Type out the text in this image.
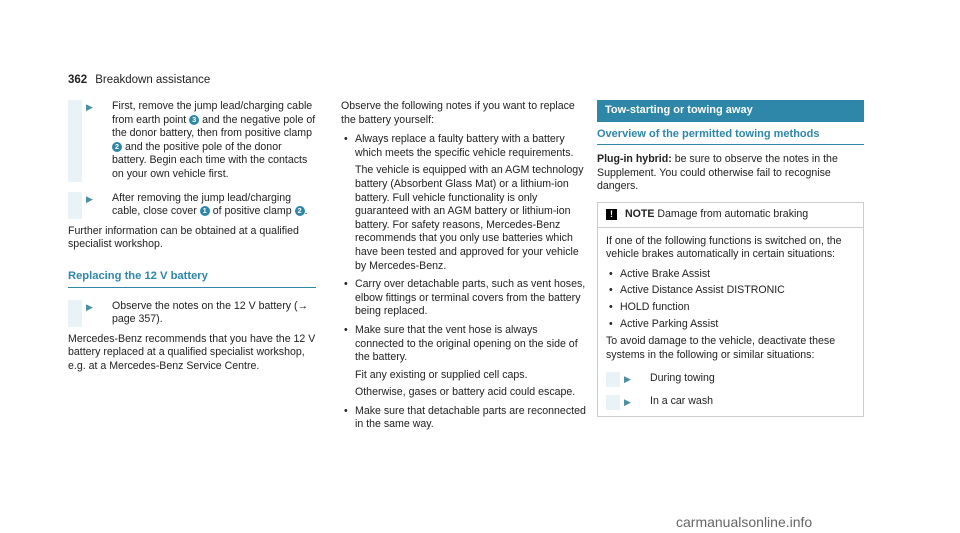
362 Breakdown assistance
▶	First, remove the jump lead/charging cable from earth point 3 and the negative pole of the donor battery, then from positive clamp 2 and the positive pole of the donor battery. Begin each time with the contacts on your own vehicle first.
▶	After removing the jump lead/charging cable, close cover 1 of positive clamp 2 .

Further information can be obtained at a qualified specialist workshop.

Replacing the 12 V battery
▶	Observe the notes on the 12 V battery (→ page 357).

Mercedes-Benz recommends that you have the 12 V battery replaced at a qualified specialist workshop, e.g. at a Mercedes-Benz Service Centre.

Observe the following notes if you want to replace the battery yourself:

• Always replace a faulty battery with a battery which meets the specific vehicle requirements.

The vehicle is equipped with an AGM technology battery (Absorbent Glass Mat) or a lithium-ion battery. Full vehicle functionality is only guaranteed with an AGM battery or lithium-ion battery. For safety reasons, Mercedes-Benz recommends that you only use batteries which have been tested and approved for your vehicle by Mercedes-Benz.

• Carry over detachable parts, such as vent hoses, elbow fittings or terminal covers from the battery being replaced.
• Make sure that the vent hose is always connected to the original opening on the side of the battery.

Fit any existing or supplied cell caps.

Otherwise, gases or battery acid could escape.

• Make sure that detachable parts are reconnected in the same way.
Tow-starting or towing away
Overview of the permitted towing methods

Plug-in hybrid: be sure to observe the notes in the Supplement. You could otherwise fail to recognise dangers.

! NOTE Damage from automatic braking

If one of the following functions is switched on, the vehicle brakes automatically in certain situations:

• Active Brake Assist
• Active Distance Assist DISTRONIC
• HOLD function
• Active Parking Assist

To avoid damage to the vehicle, deactivate these systems in the following or similar situations:

▶	During towing
▶	In a car wash
carmanualsonline.info
